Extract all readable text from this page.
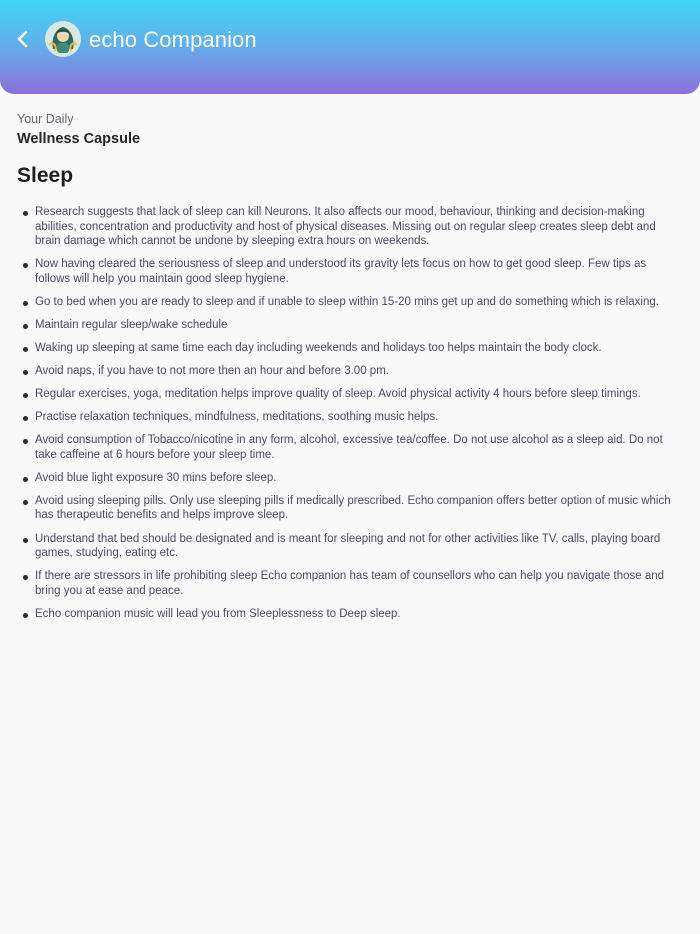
echo Companion
Your Daily
Wellness Capsule
Sleep
Research suggests that lack of sleep can kill Neurons. It also affects our mood, behaviour, thinking and decision-making abilities, concentration and productivity and host of physical diseases. Missing out on regular sleep creates sleep debt and brain damage which cannot be undone by sleeping extra hours on weekends.
Now having cleared the seriousness of sleep and understood its gravity lets focus on how to get good sleep. Few tips as follows will help you maintain good sleep hygiene.
Go to bed when you are ready to sleep and if unable to sleep within 15-20 mins get up and do something which is relaxing.
Maintain regular sleep/wake schedule
Waking up sleeping at same time each day including weekends and holidays too helps maintain the body clock.
Avoid naps, if you have to not more then an hour and before 3.00 pm.
Regular exercises, yoga, meditation helps improve quality of sleep. Avoid physical activity 4 hours before sleep timings.
Practise relaxation techniques, mindfulness, meditations, soothing music helps.
Avoid consumption of Tobacco/nicotine in any form, alcohol, excessive tea/coffee. Do not use alcohol as a sleep aid. Do not take caffeine at 6 hours before your sleep time.
Avoid blue light exposure 30 mins before sleep.
Avoid using sleeping pills. Only use sleeping pills if medically prescribed. Echo companion offers better option of music which has therapeutic benefits and helps improve sleep.
Understand that bed should be designated and is meant for sleeping and not for other activities like TV, calls, playing board games, studying, eating etc.
If there are stressors in life prohibiting sleep Echo companion has team of counsellors who can help you navigate those and bring you at ease and peace.
Echo companion music will lead you from Sleeplessness to Deep sleep.
